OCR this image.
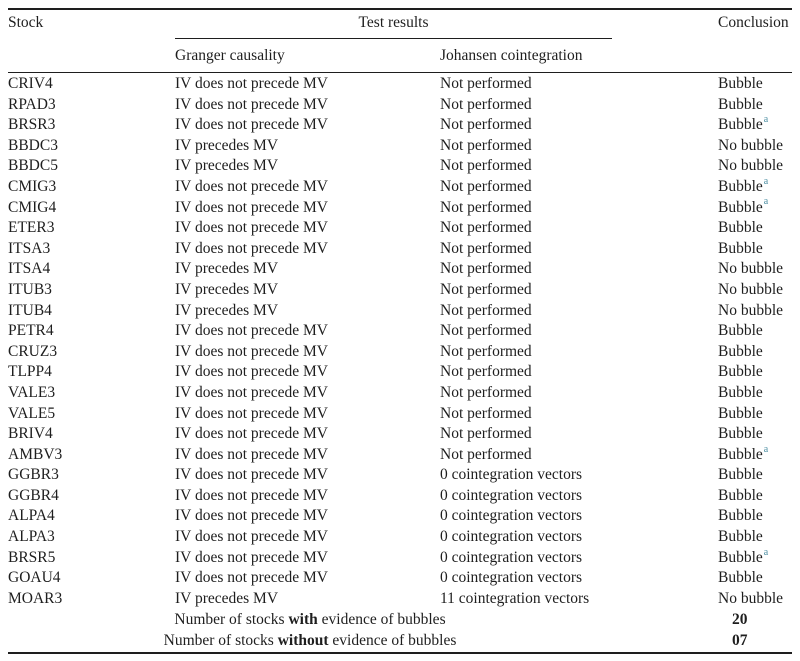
Stock	Test results		Conclusion
	Granger causality	Johansen cointegration	
CRIV4	IV does not precede MV	Not performed	Bubble
RPAD3	IV does not precede MV	Not performed	Bubble
BRSR3	IV does not precede MV	Not performed	Bubble$^a$
BBDC3	IV precedes MV	Not performed	No bubble
BBDC5	IV precedes MV	Not performed	No bubble
CMIG3	IV does not precede MV	Not performed	Bubble$^a$
CMIG4	IV does not precede MV	Not performed	Bubble$^a$
ETER3	IV does not precede MV	Not performed	Bubble
ITSA3	IV does not precede MV	Not performed	Bubble
ITSA4	IV precedes MV	Not performed	No bubble
ITUB3	IV precedes MV	Not performed	No bubble
ITUB4	IV precedes MV	Not performed	No bubble
PETR4	IV does not precede MV	Not performed	Bubble
CRUZ3	IV does not precede MV	Not performed	Bubble
TLPP4	IV does not precede MV	Not performed	Bubble
VALE3	IV does not precede MV	Not performed	Bubble
VALE5	IV does not precede MV	Not performed	Bubble
BRIV4	IV does not precede MV	Not performed	Bubble
AMBV3	IV does not precede MV	Not performed	Bubble$^a$
GGBR3	IV does not precede MV	0 cointegration vectors	Bubble
GGBR4	IV does not precede MV	0 cointegration vectors	Bubble
ALPA4	IV does not precede MV	0 cointegration vectors	Bubble
ALPA3	IV does not precede MV	0 cointegration vectors	Bubble
BRSR5	IV does not precede MV	0 cointegration vectors	Bubble$^a$
GOAU4	IV does not precede MV	0 cointegration vectors	Bubble
MOAR3	IV precedes MV	11 cointegration vectors	No bubble
Number of stocks with evidence of bubbles			20
Number of stocks without evidence of bubbles			07
